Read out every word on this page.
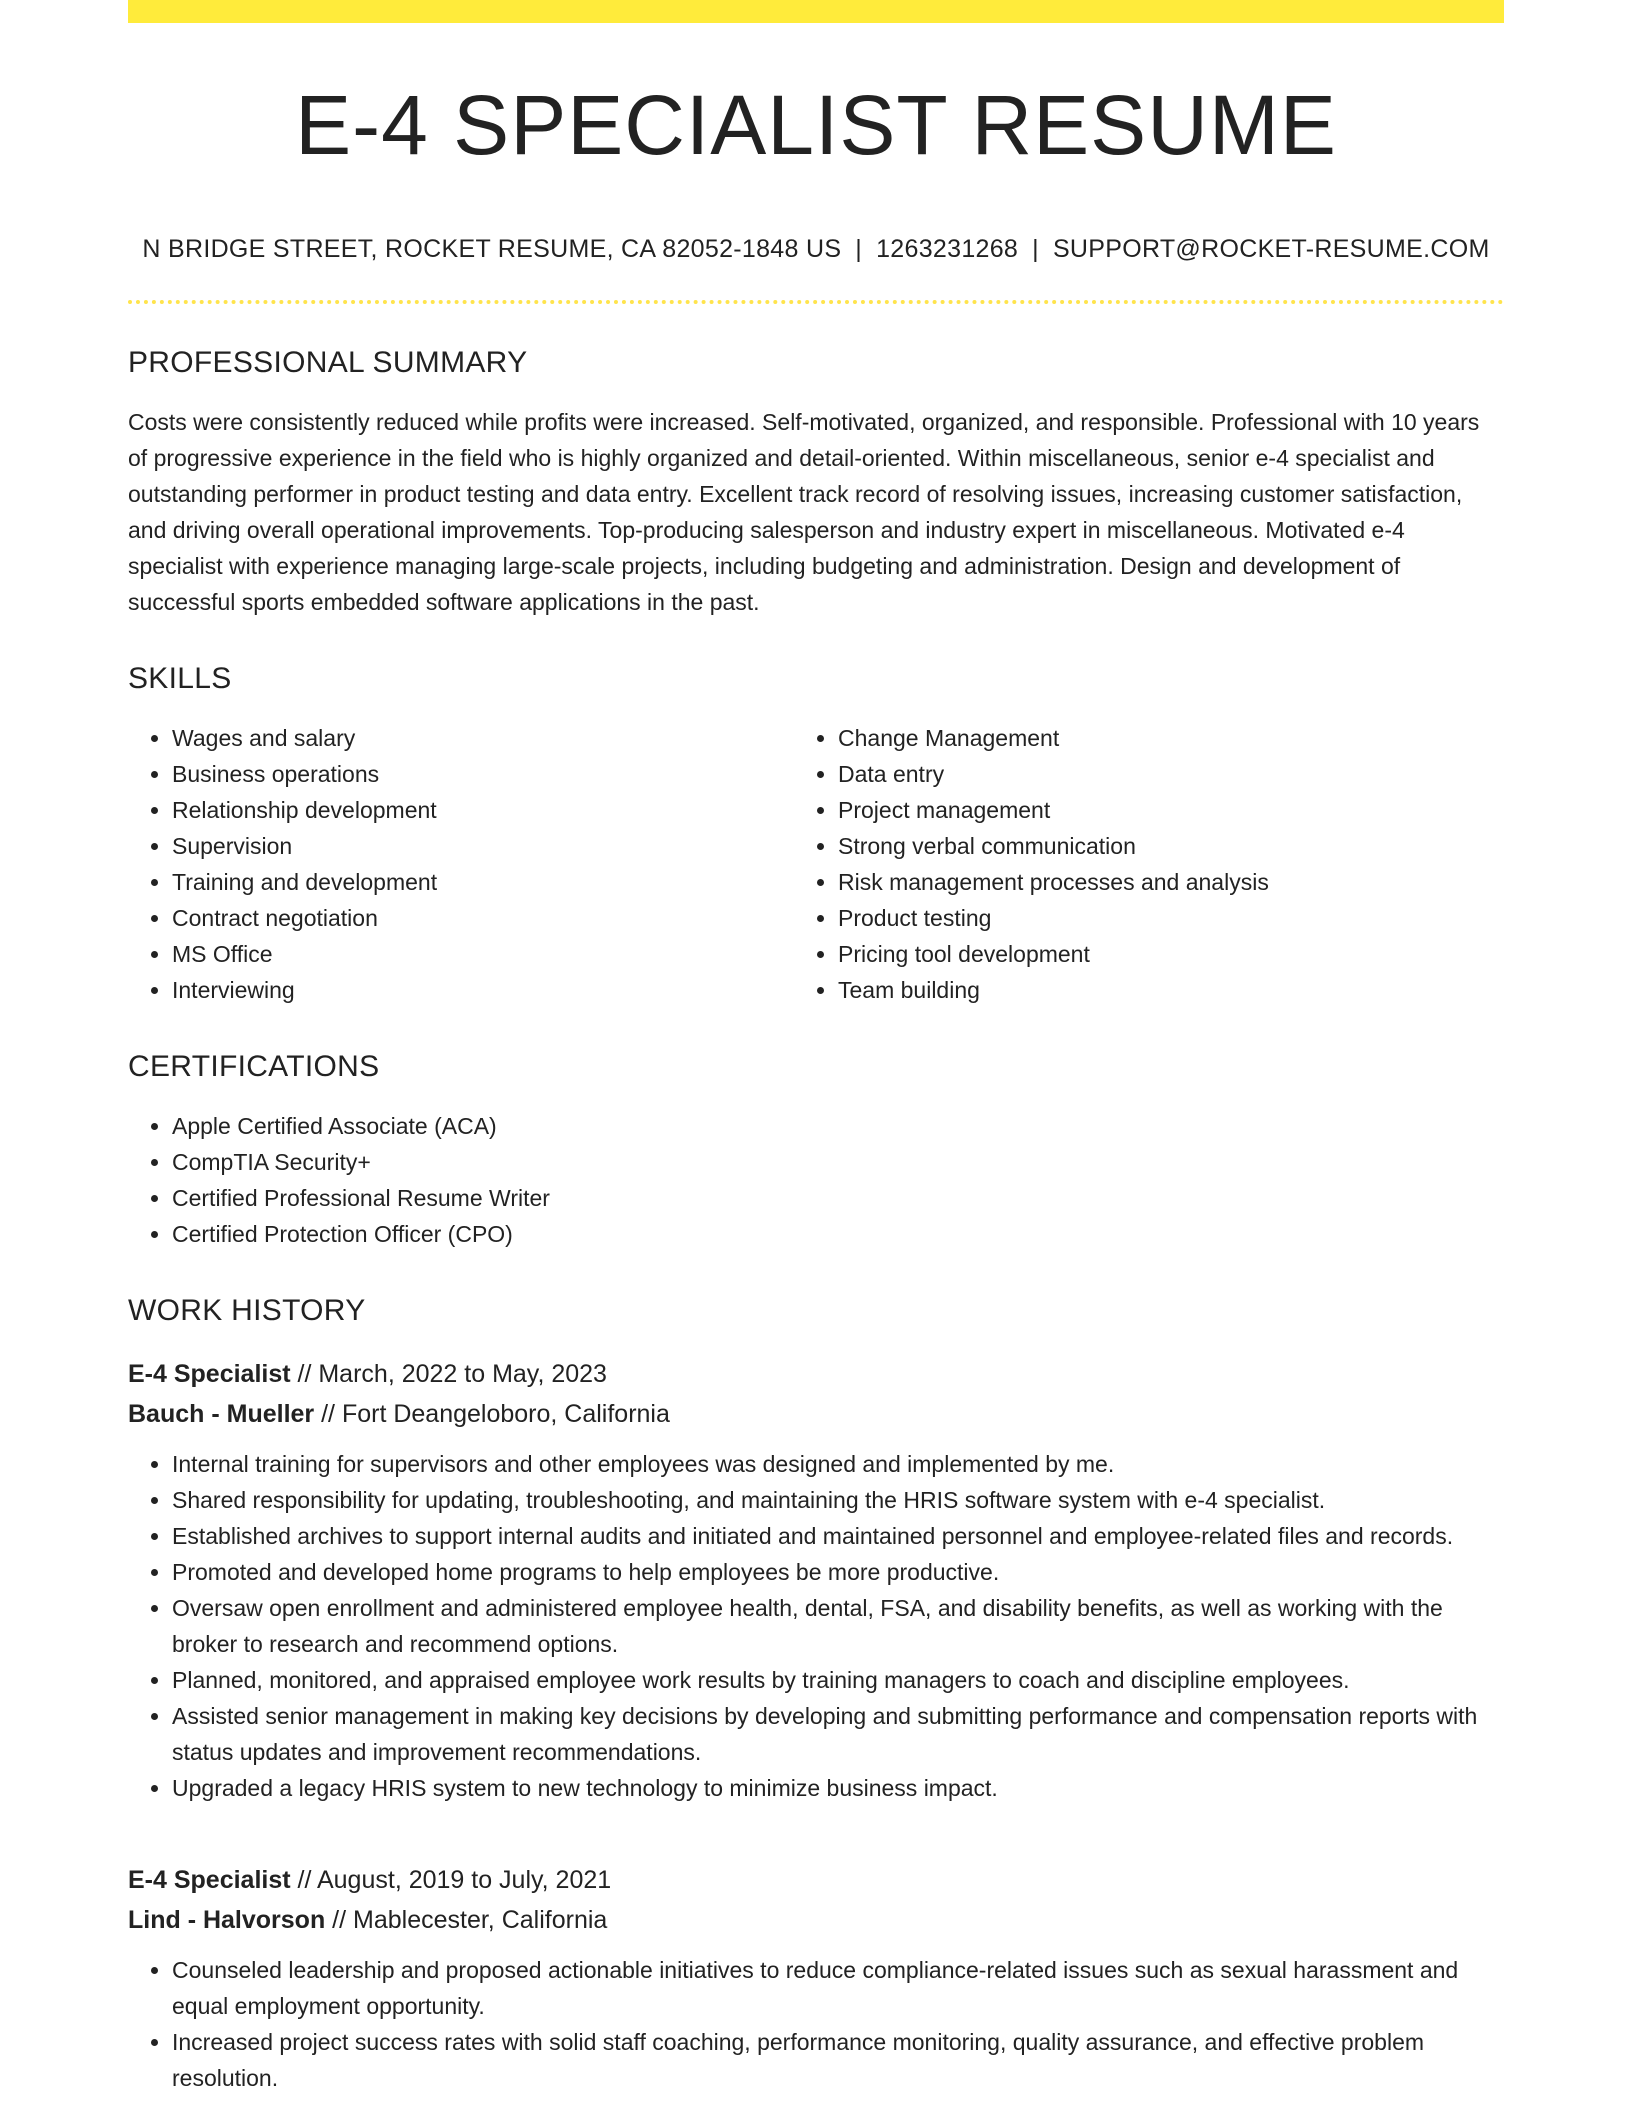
E-4 SPECIALIST RESUME
N BRIDGE STREET, ROCKET RESUME, CA 82052-1848 US | 1263231268 | SUPPORT@ROCKET-RESUME.COM
PROFESSIONAL SUMMARY
Costs were consistently reduced while profits were increased. Self-motivated, organized, and responsible. Professional with 10 years of progressive experience in the field who is highly organized and detail-oriented. Within miscellaneous, senior e-4 specialist and outstanding performer in product testing and data entry. Excellent track record of resolving issues, increasing customer satisfaction, and driving overall operational improvements. Top-producing salesperson and industry expert in miscellaneous. Motivated e-4 specialist with experience managing large-scale projects, including budgeting and administration. Design and development of successful sports embedded software applications in the past.
SKILLS
• Wages and salary
• Business operations
• Relationship development
• Supervision
• Training and development
• Contract negotiation
• MS Office
• Interviewing
• Change Management
• Data entry
• Project management
• Strong verbal communication
• Risk management processes and analysis
• Product testing
• Pricing tool development
• Team building
CERTIFICATIONS
• Apple Certified Associate (ACA)
• CompTIA Security+
• Certified Professional Resume Writer
• Certified Protection Officer (CPO)
WORK HISTORY
E-4 Specialist // March, 2022 to May, 2023
Bauch - Mueller // Fort Deangeloboro, California
• Internal training for supervisors and other employees was designed and implemented by me.
• Shared responsibility for updating, troubleshooting, and maintaining the HRIS software system with e-4 specialist.
• Established archives to support internal audits and initiated and maintained personnel and employee-related files and records.
• Promoted and developed home programs to help employees be more productive.
• Oversaw open enrollment and administered employee health, dental, FSA, and disability benefits, as well as working with the broker to research and recommend options.
• Planned, monitored, and appraised employee work results by training managers to coach and discipline employees.
• Assisted senior management in making key decisions by developing and submitting performance and compensation reports with status updates and improvement recommendations.
• Upgraded a legacy HRIS system to new technology to minimize business impact.
E-4 Specialist // August, 2019 to July, 2021
Lind - Halvorson // Mablecester, California
• Counseled leadership and proposed actionable initiatives to reduce compliance-related issues such as sexual harassment and equal employment opportunity.
• Increased project success rates with solid staff coaching, performance monitoring, quality assurance, and effective problem resolution.
